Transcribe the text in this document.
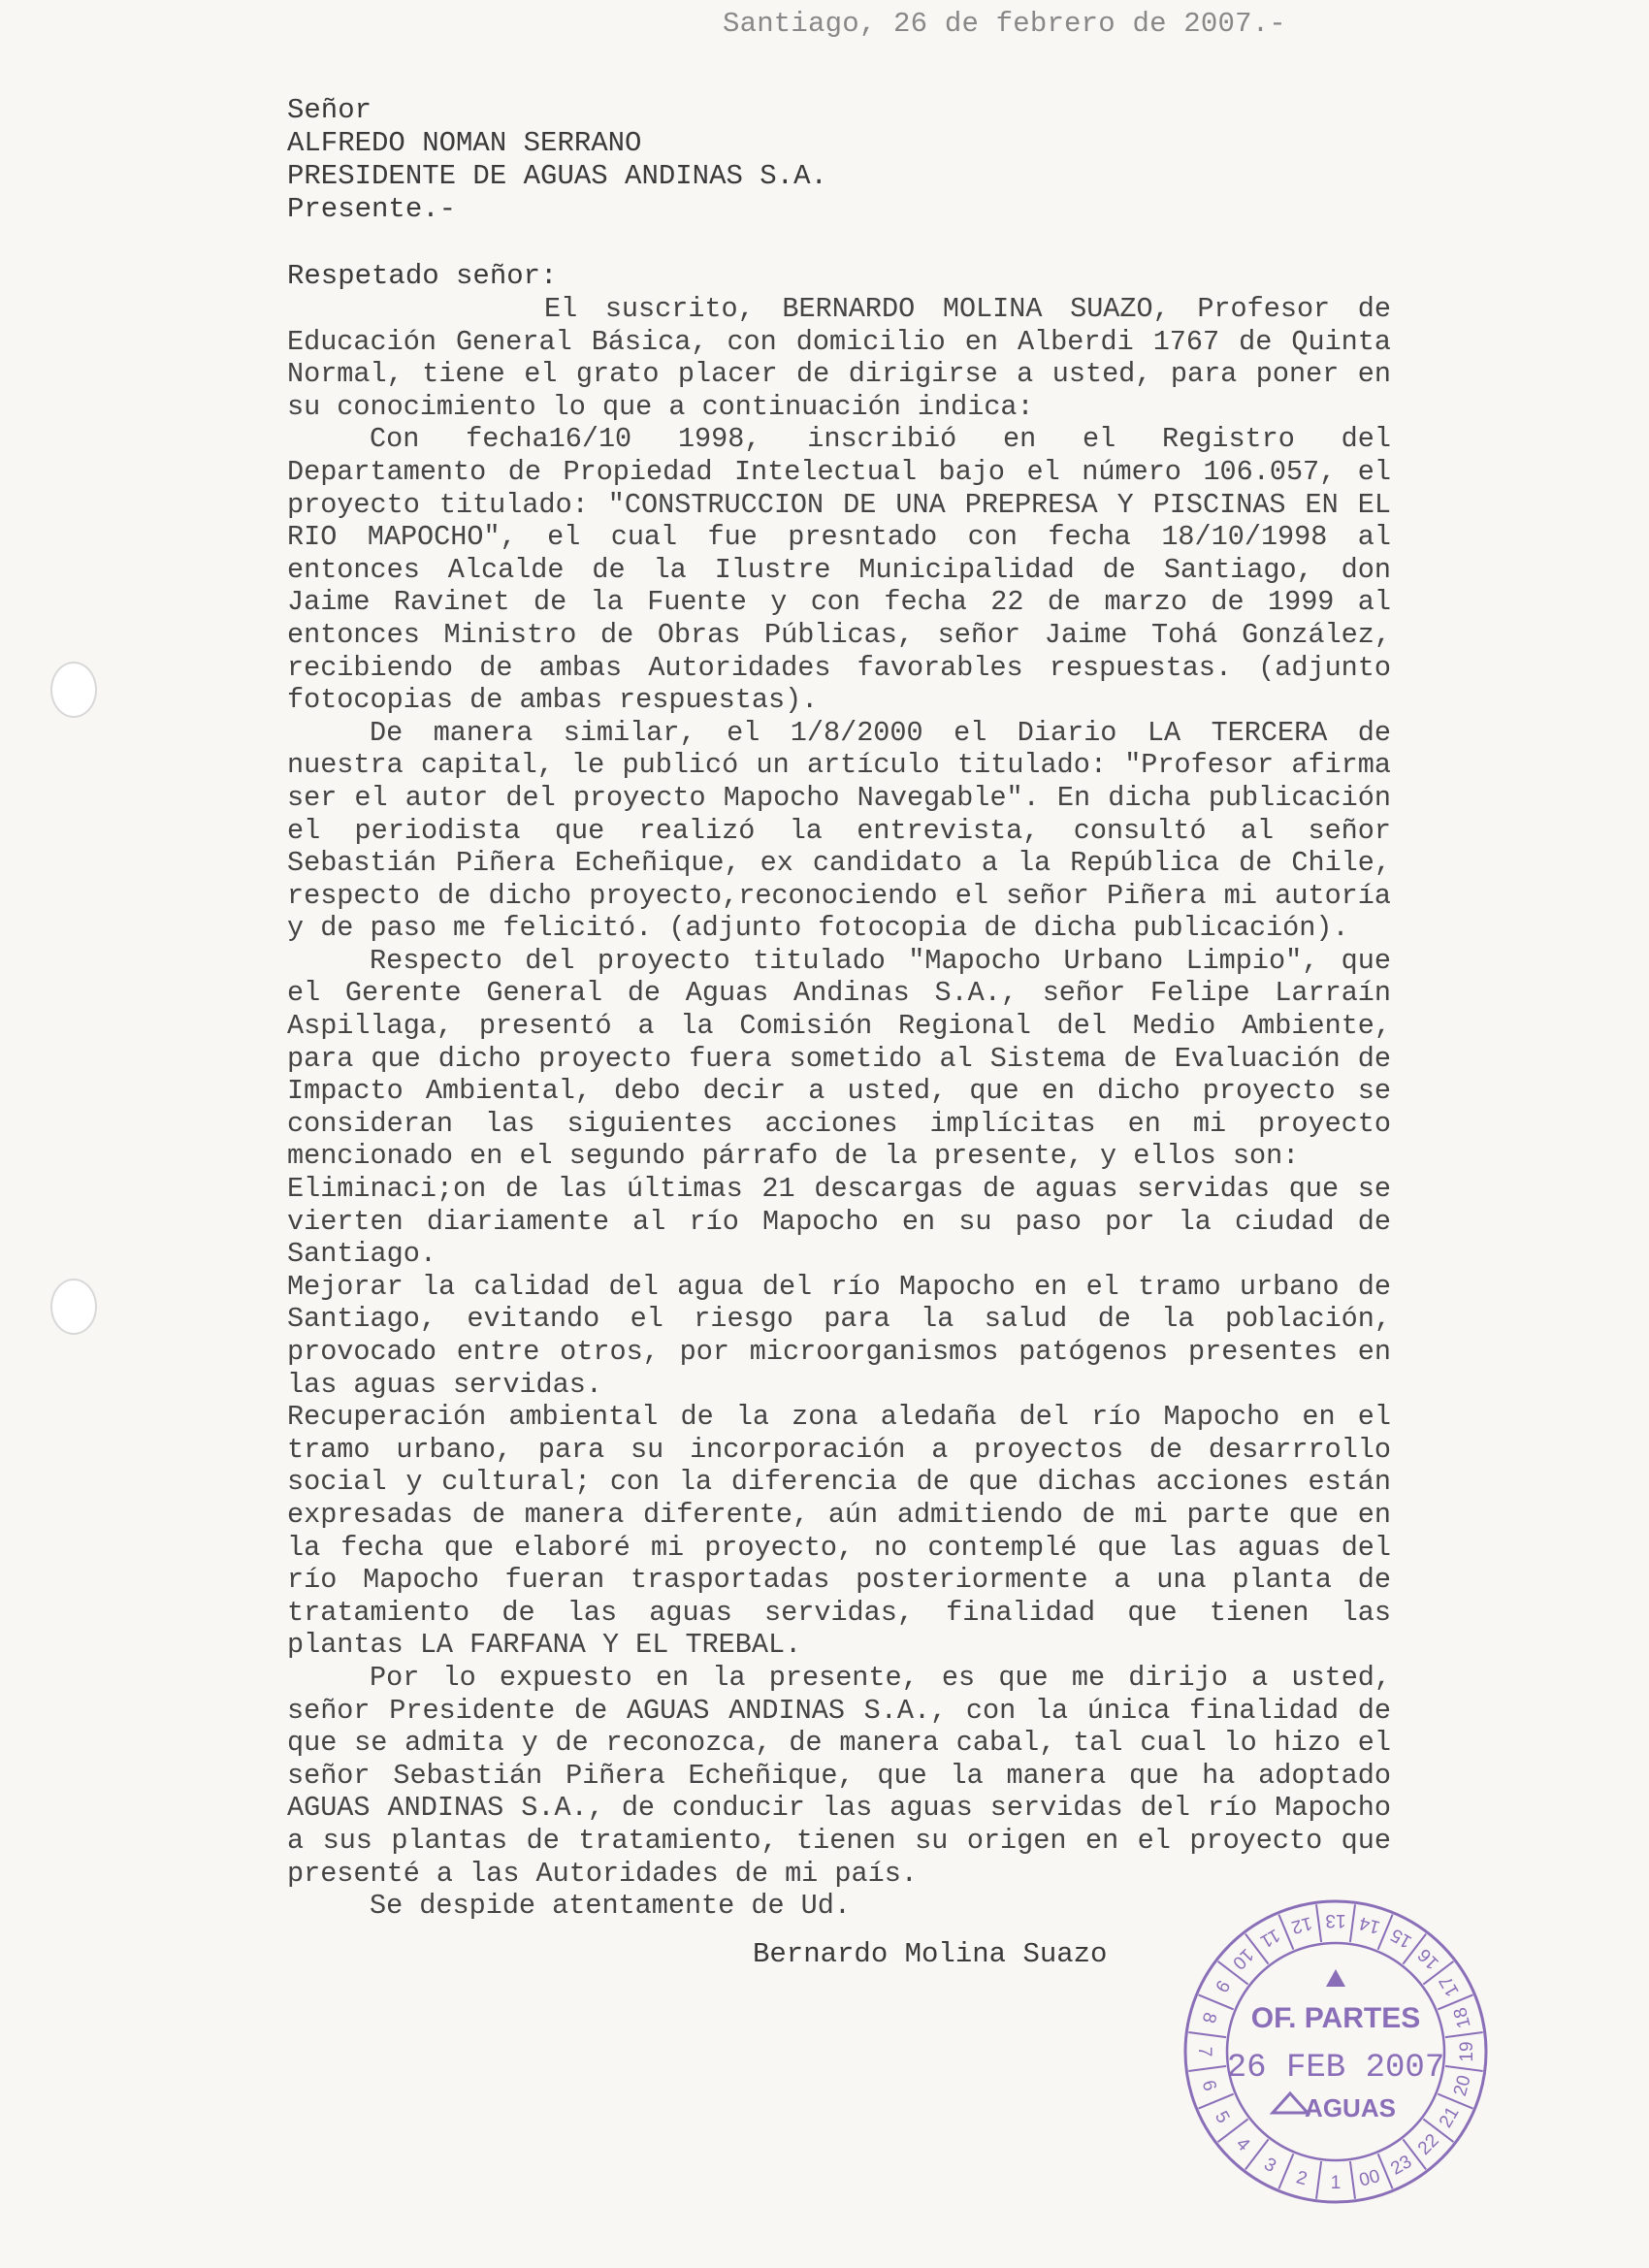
Santiago, 26 de febrero de 2007.-
Señor
ALFREDO NOMAN SERRANO
PRESIDENTE DE AGUAS ANDINAS S.A.
Presente.-
Respetado señor:

El suscrito, BERNARDO MOLINA SUAZO, Profesor de Educación General Básica, con domicilio en Alberdi 1767 de Quinta Normal, tiene el grato placer de dirigirse a usted, para poner en su conocimiento lo que a continuación indica:

Con fecha16/10 1998, inscribió en el Registro del Departamento de Propiedad Intelectual bajo el número 106.057, el proyecto titulado: "CONSTRUCCION DE UNA PREPRESA Y PISCINAS EN EL RIO MAPOCHO", el cual fue presntado con fecha 18/10/1998 al entonces Alcalde de la Ilustre Municipalidad de Santiago, don Jaime Ravinet de la Fuente y con fecha 22 de marzo de 1999 al entonces Ministro de Obras Públicas, señor Jaime Tohá González, recibiendo de ambas Autoridades favorables respuestas. (adjunto fotocopias de ambas respuestas).

De manera similar, el 1/8/2000 el Diario LA TERCERA de nuestra capital, le publicó un artículo titulado: "Profesor afirma ser el autor del proyecto Mapocho Navegable". En dicha publicación el periodista que realizó la entrevista, consultó al señor Sebastián Piñera Echeñique, ex candidato a la República de Chile, respecto de dicho proyecto,reconociendo el señor Piñera mi autoría y de paso me felicitó. (adjunto fotocopia de dicha publicación).

Respecto del proyecto titulado "Mapocho Urbano Limpio", que el Gerente General de Aguas Andinas S.A., señor Felipe Larraín Aspillaga, presentó a la Comisión Regional del Medio Ambiente, para que dicho proyecto fuera sometido al Sistema de Evaluación de Impacto Ambiental, debo decir a usted, que en dicho proyecto se consideran las siguientes acciones implícitas en mi proyecto mencionado en el segundo párrafo de la presente, y ellos son:

Eliminaci;on de las últimas 21 descargas de aguas servidas que se vierten diariamente al río Mapocho en su paso por la ciudad de Santiago.

Mejorar la calidad del agua del río Mapocho en el tramo urbano de Santiago, evitando el riesgo para la salud de la población, provocado entre otros, por microorganismos patógenos presentes en las aguas servidas.

Recuperación ambiental de la zona aledaña del río Mapocho en el tramo urbano, para su incorporación a proyectos de desarrrollo social y cultural; con la diferencia de que dichas acciones están expresadas de manera diferente, aún admitiendo de mi parte que en la fecha que elaboré mi proyecto, no contemplé que las aguas del río Mapocho fueran trasportadas posteriormente a una planta de tratamiento de las aguas servidas, finalidad que tienen las plantas LA FARFANA Y EL TREBAL.

Por lo expuesto en la presente, es que me dirijo a usted, señor Presidente de AGUAS ANDINAS S.A., con la única finalidad de que se admita y de reconozca, de manera cabal, tal cual lo hizo el señor Sebastián Piñera Echeñique, que la manera que ha adoptado AGUAS ANDINAS S.A., de conducir las aguas servidas del río Mapocho a sus plantas de tratamiento, tienen su origen en el proyecto que presenté a las Autoridades de mi país.

Se despide atentamente de Ud.

Bernardo Molina Suazo
1
2
3
4
5
6
7
8
9
10
11 12 13 14 15
16
17
18
19
20
21
22
23
00
OF. PARTES
26 FEB 2007
AGUAS
